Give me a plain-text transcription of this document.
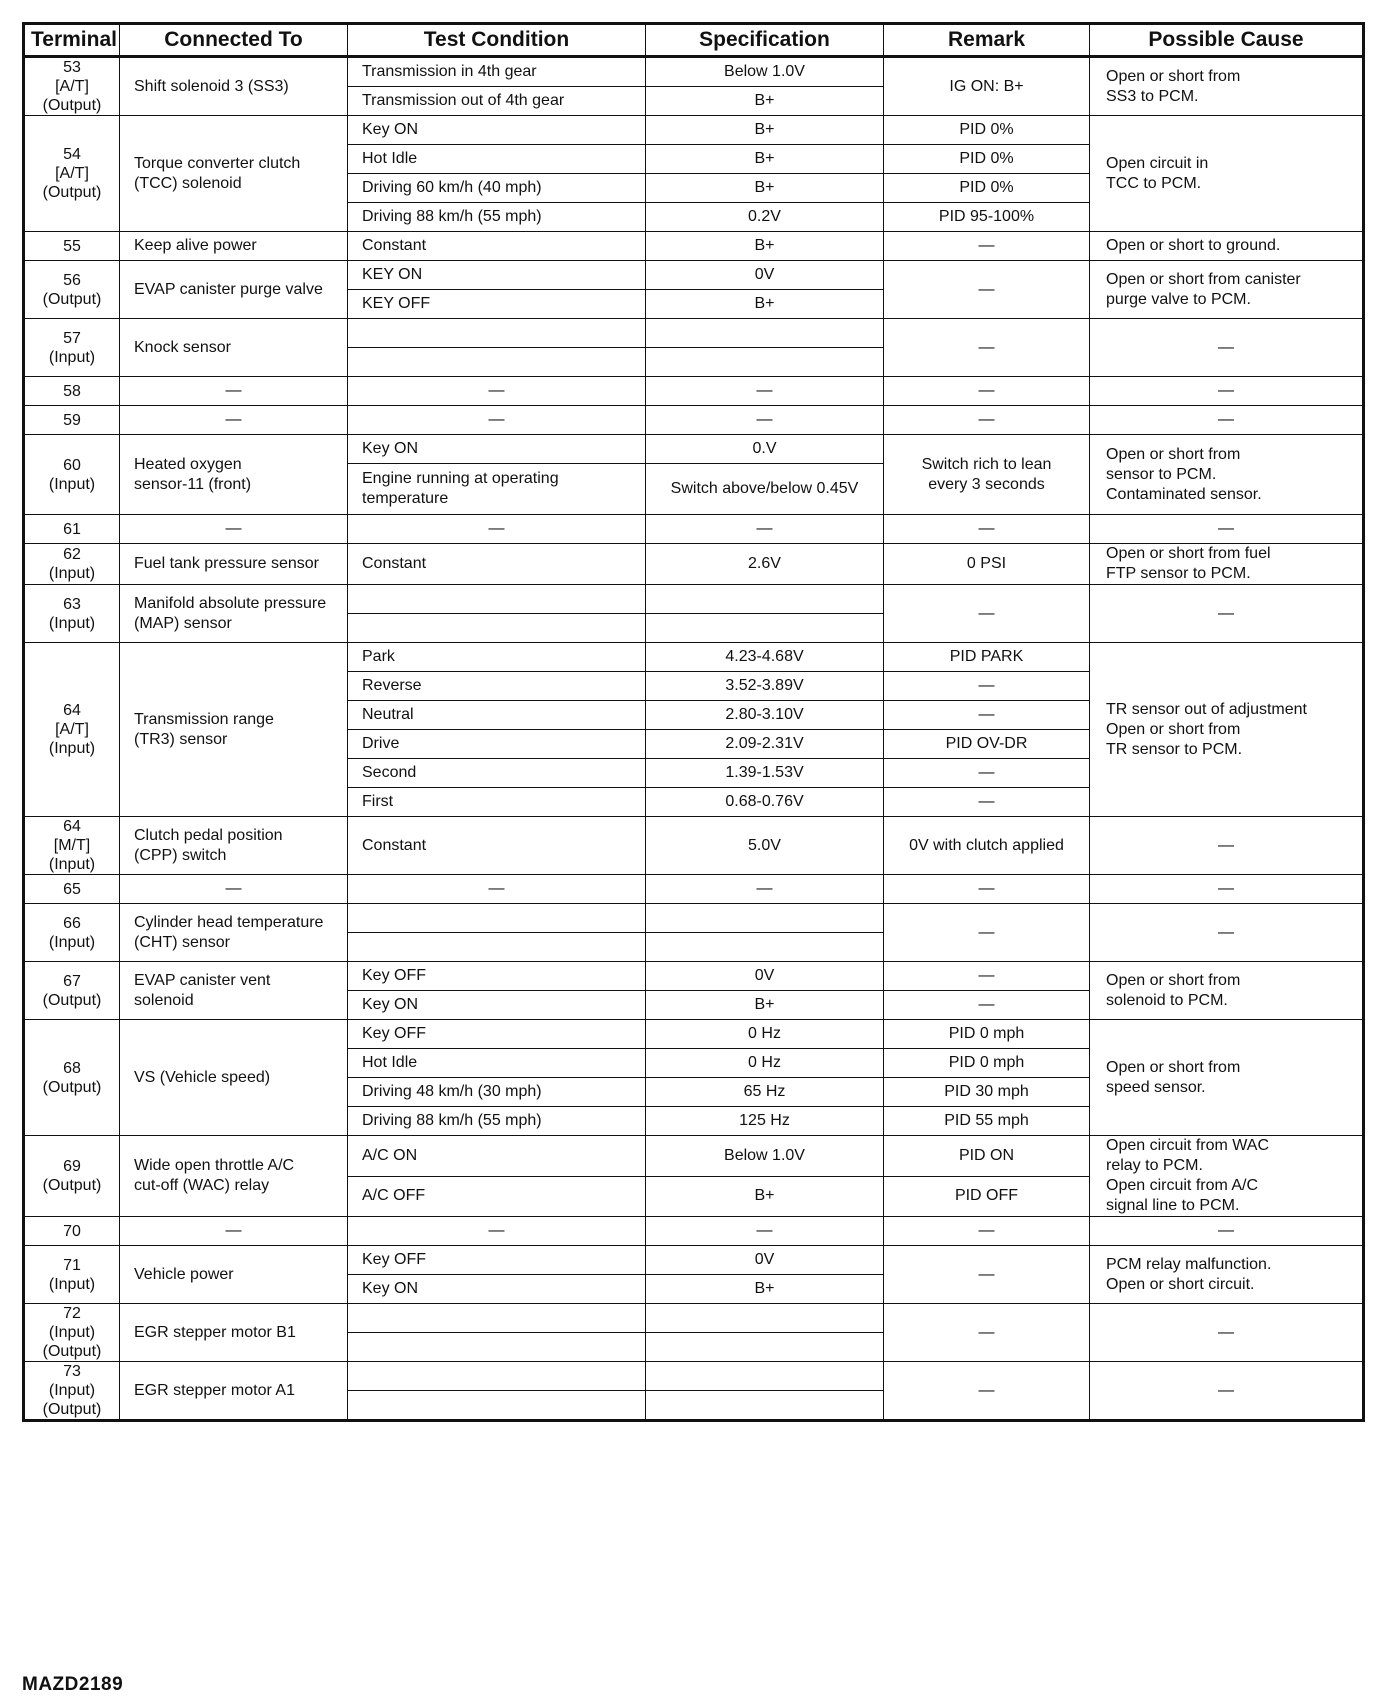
Terminal	Connected To	Test Condition	Specification	Remark	Possible Cause
53
[A/T]
(Output)	Shift solenoid 3 (SS3)	Transmission in 4th gear	Below 1.0V	IG ON: B+	Open or short from
SS3 to PCM.
		Transmission out of 4th gear	B+		
54
[A/T]
(Output)	Torque converter clutch
(TCC) solenoid	Key ON	B+	PID 0%	Open circuit in
TCC to PCM.
		Hot Idle	B+	PID 0%	
		Driving 60 km/h (40 mph)	B+	PID 0%	
		Driving 88 km/h (55 mph)	0.2V	PID 95-100%	
55	Keep alive power	Constant	B+	—	Open or short to ground.
56
(Output)	EVAP canister purge valve	KEY ON	0V	—	Open or short from canister
purge valve to PCM.
		KEY OFF	B+		
57
(Input)	Knock sensor			—	—

58	—	—	—	—	—
59	—	—	—	—	—
60
(Input)	Heated oxygen
sensor-11 (front)	Key ON	0.V	Switch rich to lean
every 3 seconds	Open or short from
sensor to PCM.
Contaminated sensor.
		Engine running at operating
temperature	Switch above/below 0.45V		
61	—	—	—	—	—
62
(Input)	Fuel tank pressure sensor	Constant	2.6V	0 PSI	Open or short from fuel
FTP sensor to PCM.
63
(Input)	Manifold absolute pressure
(MAP) sensor			—	—

64
[A/T]
(Input)	Transmission range
(TR3) sensor	Park	4.23-4.68V	PID PARK	TR sensor out of adjustment
Open or short from
TR sensor to PCM.
		Reverse	3.52-3.89V	—	
		Neutral	2.80-3.10V	—	
		Drive	2.09-2.31V	PID OV-DR	
		Second	1.39-1.53V	—	
		First	0.68-0.76V	—	
64
[M/T]
(Input)	Clutch pedal position
(CPP) switch	Constant	5.0V	0V with clutch applied	—
65	—	—	—	—	—
66
(Input)	Cylinder head temperature
(CHT) sensor			—	—

67
(Output)	EVAP canister vent
solenoid	Key OFF	0V	—	Open or short from
solenoid to PCM.
		Key ON	B+	—	
68
(Output)	VS (Vehicle speed)	Key OFF	0 Hz	PID 0 mph	Open or short from
speed sensor.
		Hot Idle	0 Hz	PID 0 mph	
		Driving 48 km/h (30 mph)	65 Hz	PID 30 mph	
		Driving 88 km/h (55 mph)	125 Hz	PID 55 mph	
69
(Output)	Wide open throttle A/C
cut-off (WAC) relay	A/C ON	Below 1.0V	PID ON	Open circuit from WAC
relay to PCM.
Open circuit from A/C
signal line to PCM.
		A/C OFF	B+	PID OFF	
70	—	—	—	—	—
71
(Input)	Vehicle power	Key OFF	0V	—	PCM relay malfunction.
Open or short circuit.
		Key ON	B+		
72
(Input)
(Output)	EGR stepper motor B1			—	—

73
(Input)
(Output)	EGR stepper motor A1			—	—

MAZD2189
